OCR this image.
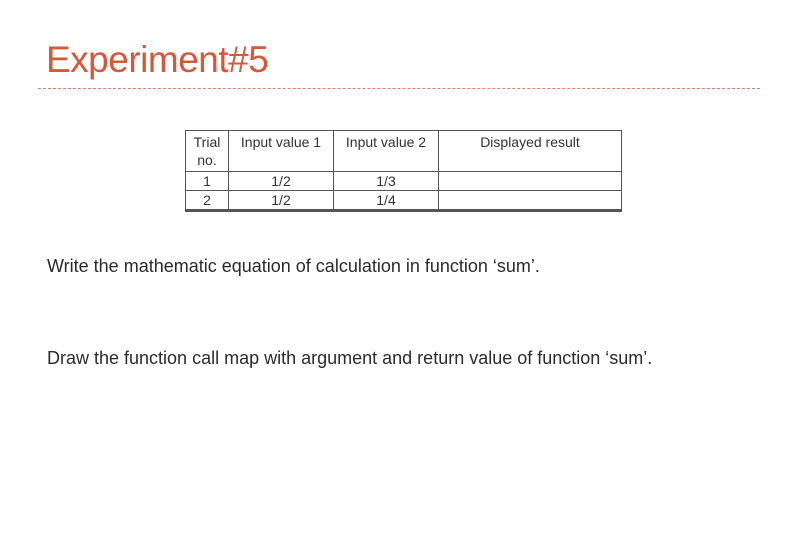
Experiment#5
Trial no.	Input value 1	Input value 2	Displayed result
1	1/2	1/3	
2	1/2	1/4	

Write the mathematic equation of calculation in function ‘sum’.

Draw the function call map with argument and return value of function ‘sum’.
